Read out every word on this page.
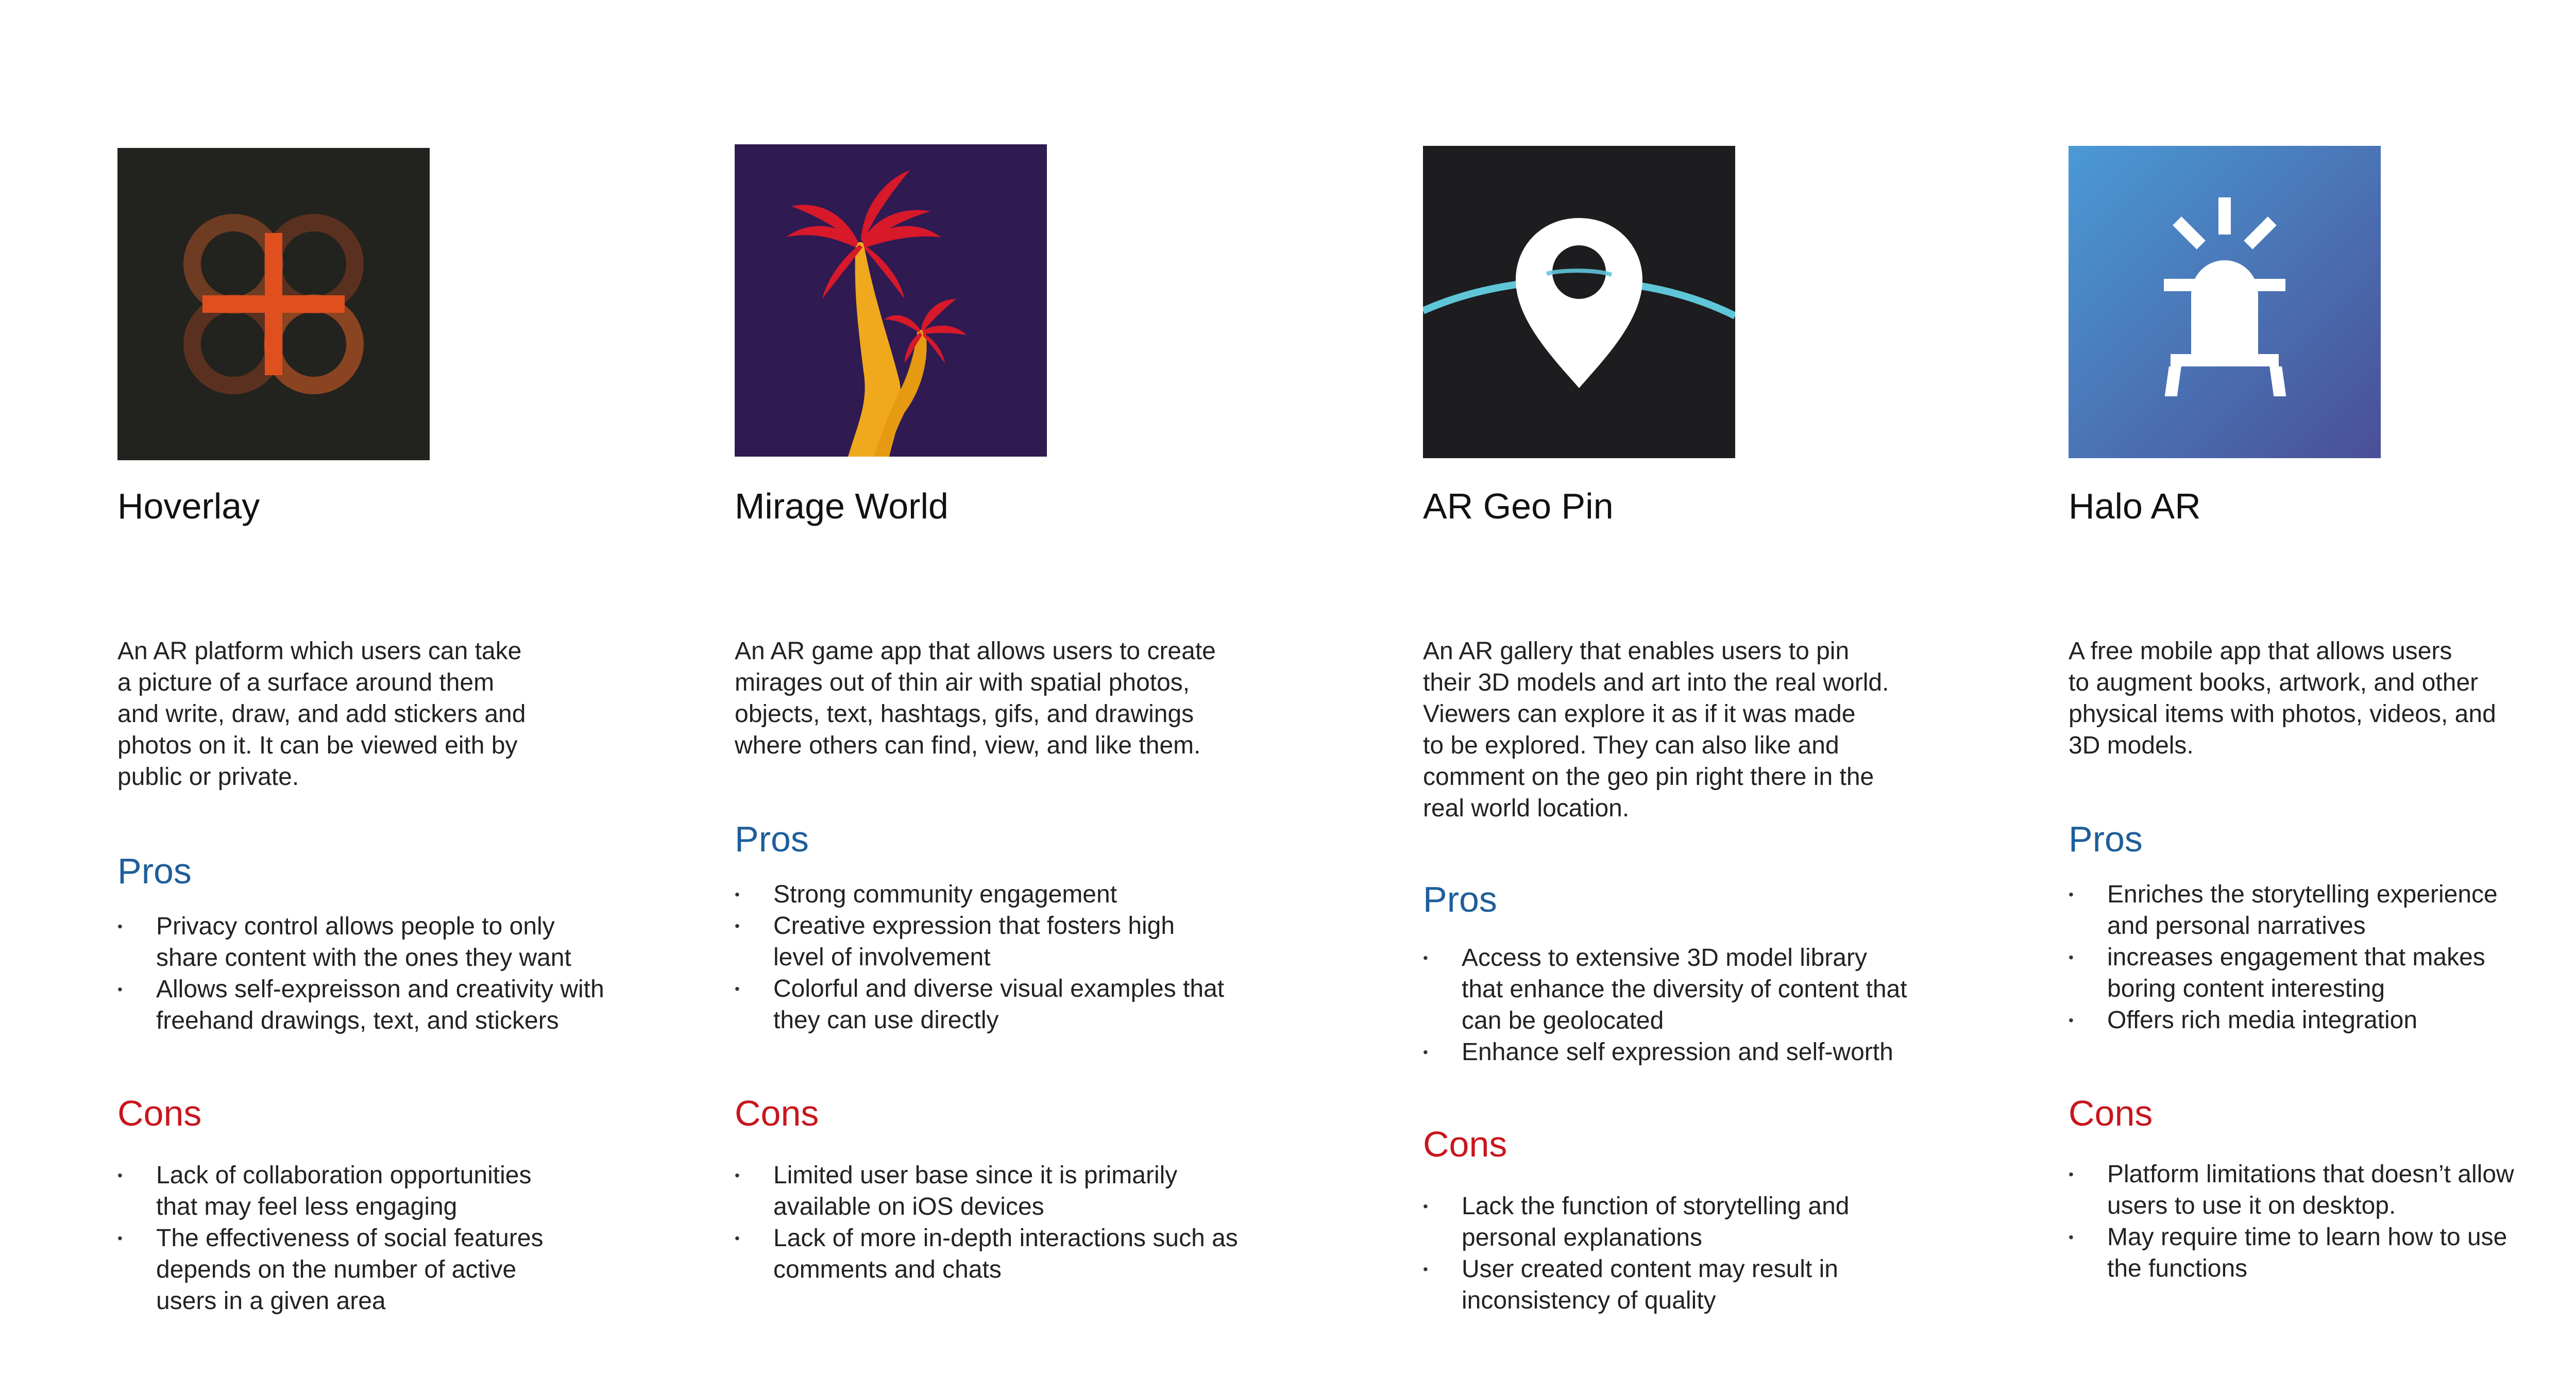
Hoverlay

An AR platform which users can take
a picture of a surface around them
and write, draw, and add stickers and
photos on it. It can be viewed eith by
public or private.

Pros
• Privacy control allows people to only
share content with the ones they want
• Allows self-expreisson and creativity with
freehand drawings, text, and stickers
Cons
• Lack of collaboration opportunities
that may feel less engaging
• The effectiveness of social features
depends on the number of active
users in a given area
Mirage World

An AR game app that allows users to create
mirages out of thin air with spatial photos,
objects, text, hashtags, gifs, and drawings
where others can find, view, and like them.

Pros
• Strong community engagement
• Creative expression that fosters high
level of involvement
• Colorful and diverse visual examples that
they can use directly
Cons
• Limited user base since it is primarily
available on iOS devices
• Lack of more in-depth interactions such as
comments and chats
AR Geo Pin

An AR gallery that enables users to pin
their 3D models and art into the real world.
Viewers can explore it as if it was made
to be explored. They can also like and
comment on the geo pin right there in the
real world location.

Pros
• Access to extensive 3D model library
that enhance the diversity of content that
can be geolocated
• Enhance self expression and self-worth
Cons
• Lack the function of storytelling and
personal explanations
• User created content may result in
inconsistency of quality
Halo AR

A free mobile app that allows users
to augment books, artwork, and other
physical items with photos, videos, and
3D models.

Pros
• Enriches the storytelling experience
and personal narratives
• increases engagement that makes
boring content interesting
• Offers rich media integration
Cons
• Platform limitations that doesn’t allow
users to use it on desktop.
• May require time to learn how to use
the functions
